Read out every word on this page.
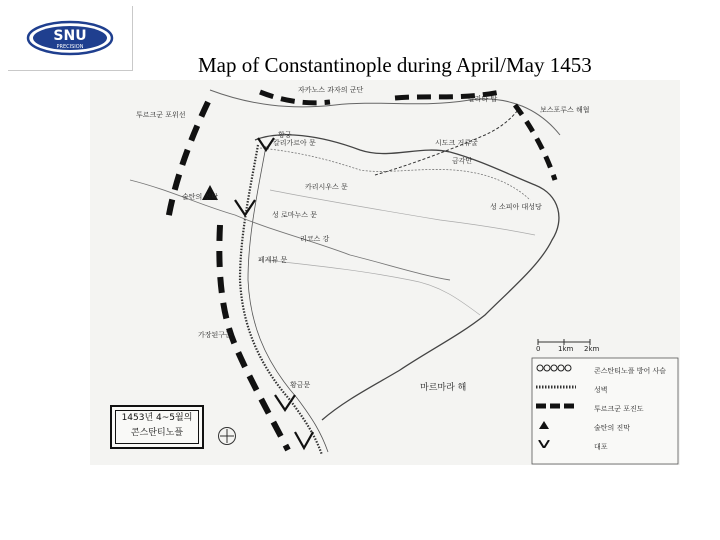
SNU
PRECISION
Map of Constantinople during April/May 1453
자카노스 과자의 군단
갈라타 탑
보스포루스 해협
황궁
칼리가르아 문	시도크 거류굴
금각만
카리시우스 문
성 소피아 대성당
성 로마누스 문
리코스 강
페게뷰 문
황금문	마르마라 해
투르크군 포위선
술탄의 진막
가장된구근
0	1km 2km
콘스탄티노플 방어 사슬
성벽
투르크군 포진도
술탄의 진막
대포
1453년 4~5월의
콘스탄티노플
